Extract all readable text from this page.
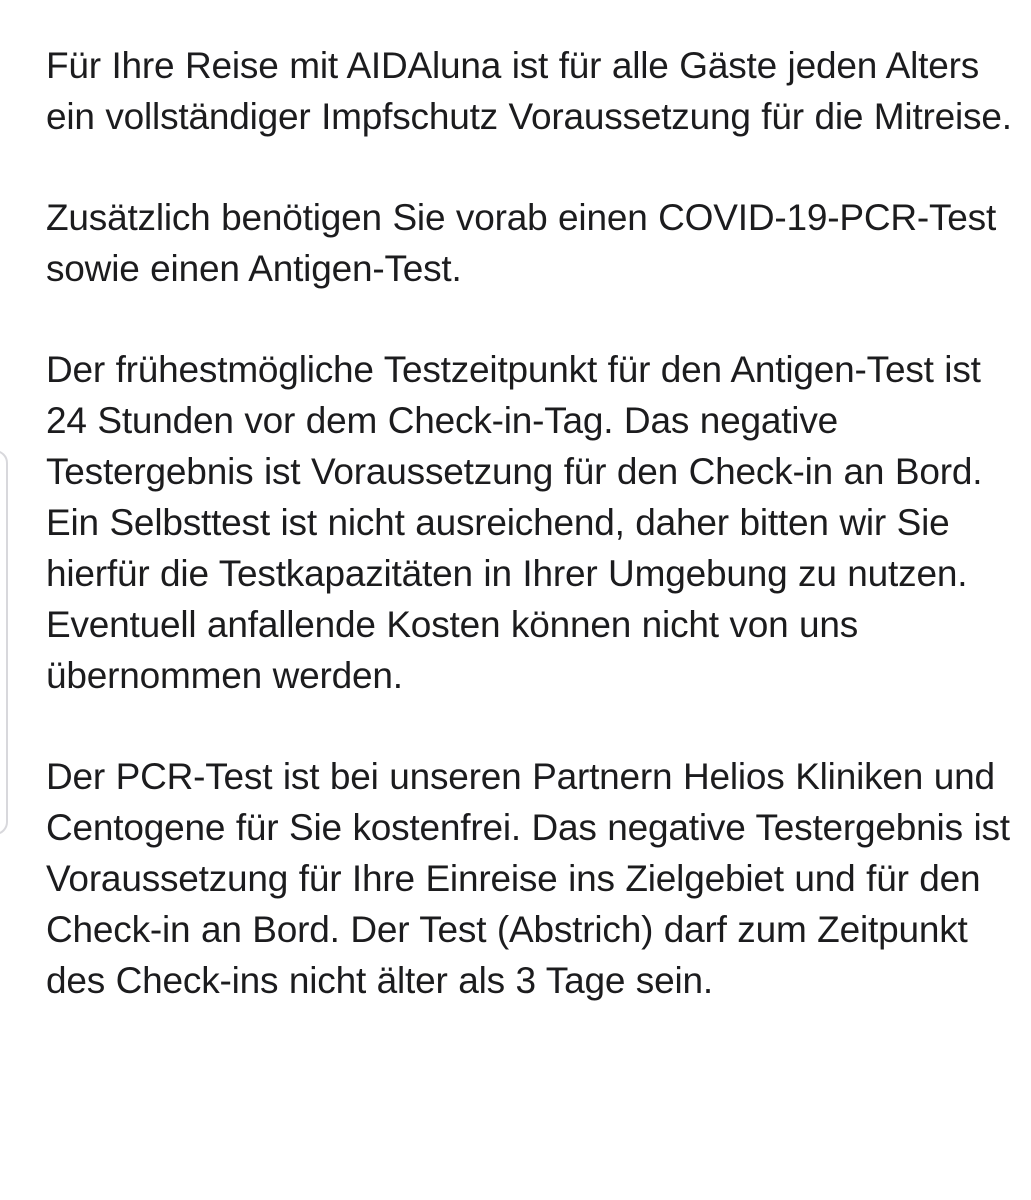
Für Ihre Reise mit AIDAluna ist für alle Gäste jeden Alters ein vollständiger Impfschutz Voraussetzung für die Mitreise.

Zusätzlich benötigen Sie vorab einen COVID-19-PCR-Test sowie einen Antigen-Test.

Der frühestmögliche Testzeitpunkt für den Antigen-Test ist 24 Stunden vor dem Check-in-Tag. Das negative Testergebnis ist Voraussetzung für den Check-in an Bord. Ein Selbsttest ist nicht ausreichend, daher bitten wir Sie hierfür die Testkapazitäten in Ihrer Umgebung zu nutzen. Eventuell anfallende Kosten können nicht von uns übernommen werden.

Der PCR-Test ist bei unseren Partnern Helios Kliniken und Centogene für Sie kostenfrei. Das negative Testergebnis ist Voraussetzung für Ihre Einreise ins Zielgebiet und für den Check-in an Bord. Der Test (Abstrich) darf zum Zeitpunkt des Check-ins nicht älter als 3 Tage sein.
